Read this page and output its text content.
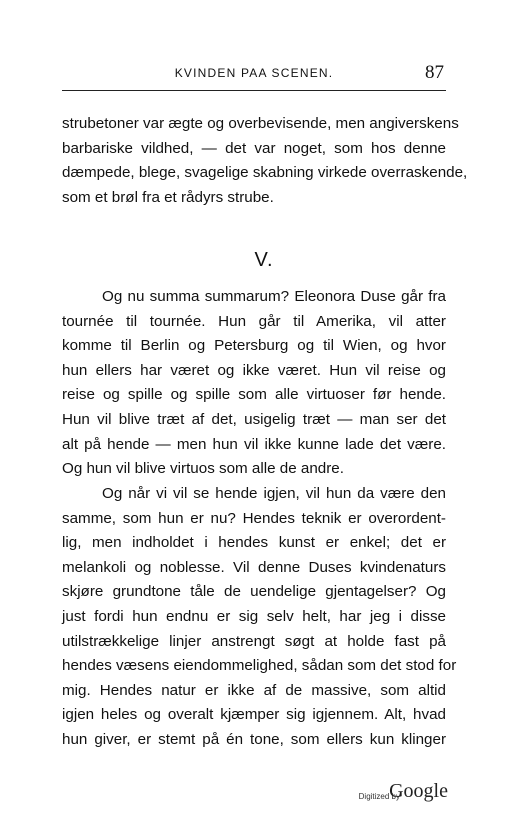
KVINDEN PAA SCENEN.	87
strubetoner var ægte og overbevisende, men angiverskens
barbariske vildhed, — det var noget, som hos denne
dæmpede, blege, svagelige skabning virkede overraskende,
som et brøl fra et rådyrs strube.
V.
Og nu summa summarum? Eleonora Duse går fra
tournée til tournée. Hun går til Amerika, vil atter
komme til Berlin og Petersburg og til Wien, og hvor
hun ellers har været og ikke været. Hun vil reise og
reise og spille og spille som alle virtuoser før hende.
Hun vil blive træt af det, usigelig træt — man ser det
alt på hende — men hun vil ikke kunne lade det være.
Og hun vil blive virtuos som alle de andre.
Og når vi vil se hende igjen, vil hun da være den
samme, som hun er nu? Hendes teknik er overordent-
lig, men indholdet i hendes kunst er enkel; det er
melankoli og noblesse. Vil denne Duses kvindenaturs
skjøre grundtone tåle de uendelige gjentagelser? Og
just fordi hun endnu er sig selv helt, har jeg i disse
utilstrækkelige linjer anstrengt søgt at holde fast på
hendes væsens eiendommelighed, sådan som det stod for
mig. Hendes natur er ikke af de massive, som altid
igjen heles og overalt kjæmper sig igjennem. Alt, hvad
hun giver, er stemt på én tone, som ellers kun klinger
Digitized by
Google
